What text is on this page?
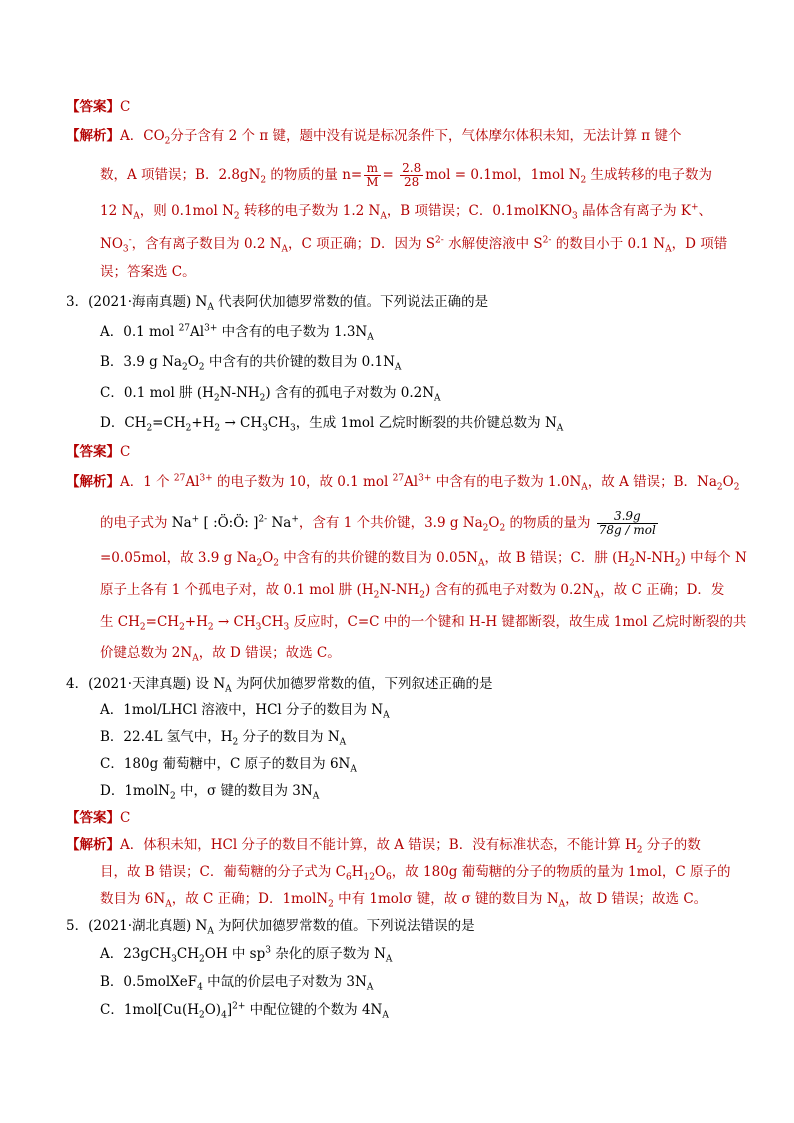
【答案】C
【解析】A．$CO_2$分子含有 2 个 π 键，题中没有说是标况条件下，气体摩尔体积未知，无法计算 π 键个
数，A 项错误；B．$2.8gN_2$ 的物质的量 $n= \frac{m}{M} = \frac{2.8}{28}$ mol = 0.1mol，1mol $N_2$ 生成转移的电子数为
12 $N_A$，则 0.1mol $N_2$ 转移的电子数为 1.2 $N_A$，B 项错误；C．0.1molKNO$_3$ 晶体含有离子为 K+、
$NO_3^-$，含有离子数目为 0.2 $N_A$，C 项正确；D．因为 $S^{2-}$ 水解使溶液中 $S^{2-}$ 的数目小于 0.1 $N_A$，D 项错
误；答案选 C。
3．(2021·海南真题) $N_A$ 代表阿伏加德罗常数的值。下列说法正确的是
A．0.1 mol $^{27}Al^{3+}$ 中含有的电子数为 $1.3N_A$
B．3.9 g $Na_2O_2$ 中含有的共价键的数目为 $0.1N_A$
C．0.1 mol 肼 $(H_2N-NH_2)$ 含有的孤电子对数为 $0.2N_A$
D．$CH_2=CH_2+H_2 \to CH_3CH_3$，生成 1mol 乙烷时断裂的共价键总数为 $N_A$
【答案】C
【解析】A．1 个 $^{27}Al^{3+}$ 的电子数为 10，故 0.1 mol $^{27}Al^{3+}$ 中含有的电子数为 $1.0N_A$，故 A 错误；B．$Na_2O_2$
的电子式为 Na+ [ :Ö:Ö: ]$^{2-}$ Na+，含有 1 个共价键，3.9 g $Na_2O_2$ 的物质的量为 $\frac{3.9g}{\text{78g / mol}}$
=0.05mol，故 3.9 g $Na_2O_2$ 中含有的共价键的数目为 $0.05N_A$，故 B 错误；C．肼 $(H_2N-NH_2)$ 中每个 N
原子上各有 1 个孤电子对，故 0.1 mol 肼 $(H_2N-NH_2)$ 含有的孤电子对数为 $0.2N_A$，故 C 正确；D．发
生 $CH_2=CH_2+H_2 \to CH_3CH_3$ 反应时，C=C 中的一个键和 H-H 键都断裂，故生成 1mol 乙烷时断裂的共
价键总数为 $2N_A$，故 D 错误；故选 C。
4．(2021·天津真题) 设 $N_A$ 为阿伏加德罗常数的值，下列叙述正确的是
A．1mol/LHCl 溶液中，HCl 分子的数目为 $N_A$
B．22.4L 氢气中，$H_2$ 分子的数目为 $N_A$
C．180g 葡萄糖中，C 原子的数目为 $6N_A$
D．1molN$_2$ 中，σ 键的数目为 $3N_A$
【答案】C
【解析】A．体积未知，HCl 分子的数目不能计算，故 A 错误；B．没有标准状态，不能计算 $H_2$ 分子的数
目，故 B 错误；C．葡萄糖的分子式为 $C_6H_{12}O_6$，故 180g 葡萄糖的分子的物质的量为 1mol，C 原子的
数目为 $6N_A$，故 C 正确；D．1molN$_2$ 中有 1molσ 键，故 σ 键的数目为 $N_A$，故 D 错误；故选 C。
5．(2021·湖北真题) $N_A$ 为阿伏加德罗常数的值。下列说法错误的是
A．$23gCH_3CH_2OH$ 中 $sp^3$ 杂化的原子数为 $N_A$
B．0.5molXeF$_4$ 中氙的价层电子对数为 $3N_A$
C．$1mol[Cu(H_2O)_4]^{2+}$ 中配位键的个数为 $4N_A$
